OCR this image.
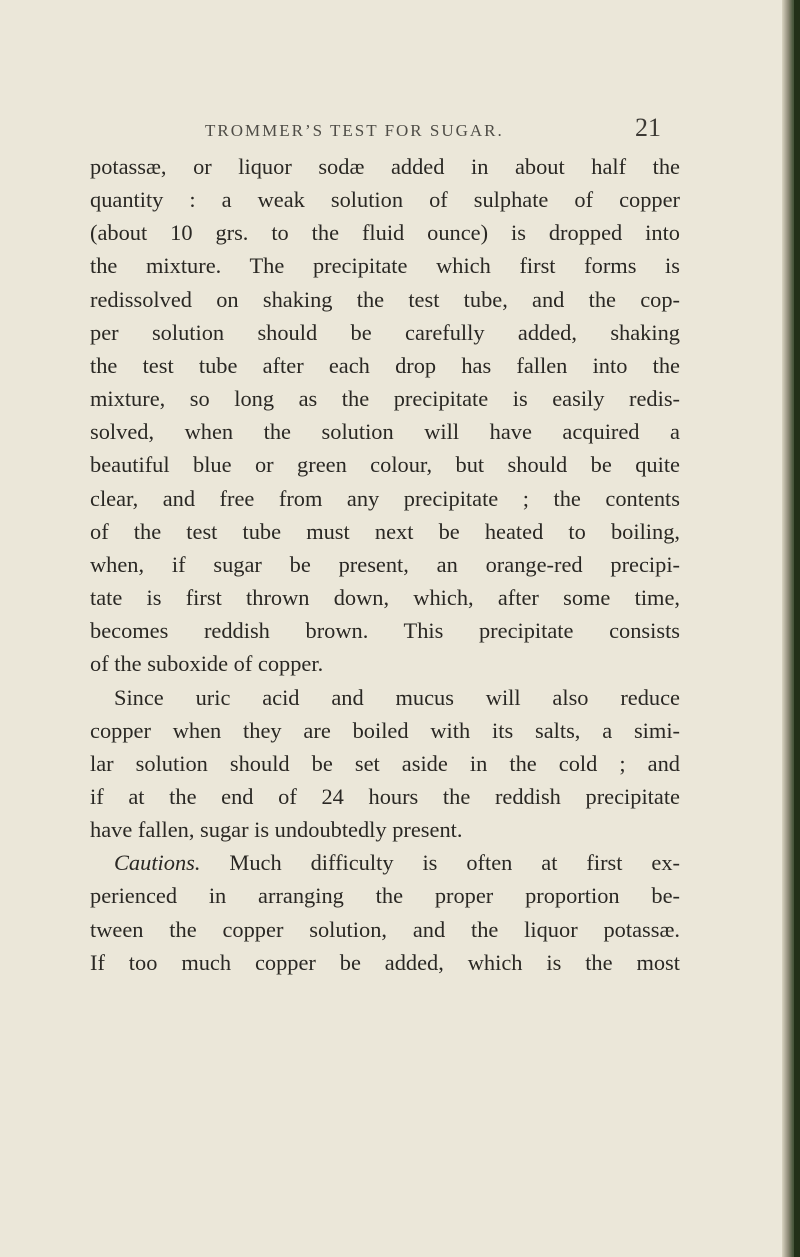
TROMMER’S TEST FOR SUGAR.	21
potassæ, or liquor sodæ added in about half the
quantity : a weak solution of sulphate of copper
(about 10 grs. to the fluid ounce) is dropped into
the mixture. The precipitate which first forms is
redissolved on shaking the test tube, and the cop-
per solution should be carefully added, shaking
the test tube after each drop has fallen into the
mixture, so long as the precipitate is easily redis-
solved, when the solution will have acquired a
beautiful blue or green colour, but should be quite
clear, and free from any precipitate ; the contents
of the test tube must next be heated to boiling,
when, if sugar be present, an orange-red precipi-
tate is first thrown down, which, after some time,
becomes reddish brown. This precipitate consists
of the suboxide of copper.
Since uric acid and mucus will also reduce
copper when they are boiled with its salts, a simi-
lar solution should be set aside in the cold ; and
if at the end of 24 hours the reddish precipitate
have fallen, sugar is undoubtedly present.
Cautions. Much difficulty is often at first ex-
perienced in arranging the proper proportion be-
tween the copper solution, and the liquor potassæ.
If too much copper be added, which is the most
